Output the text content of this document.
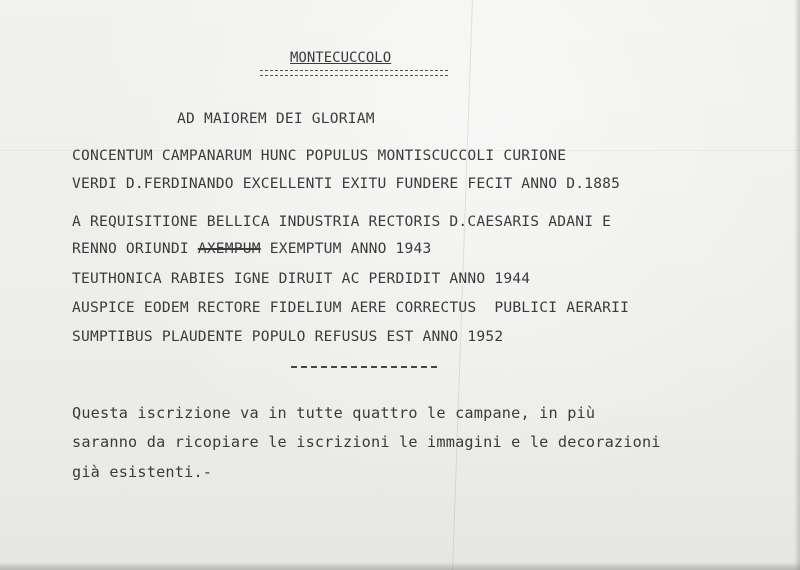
MONTECUCCOLO
AD MAIOREM DEI GLORIAM
CONCENTUM CAMPANARUM HUNC POPULUS MONTISCUCCOLI CURIONE
VERDI D.FERDINANDO EXCELLENTI EXITU FUNDERE FECIT ANNO D.1885
A REQUISITIONE BELLICA INDUSTRIA RECTORIS D.CAESARIS ADANI E
RENNO ORIUNDI AXEMPUM EXEMPTUM ANNO 1943
TEUTHONICA RABIES IGNE DIRUIT AC PERDIDIT ANNO 1944
AUSPICE EODEM RECTORE FIDELIUM AERE CORRECTUS  PUBLICI AERARII
SUMPTIBUS PLAUDENTE POPULO REFUSUS EST ANNO 1952
Questa iscrizione va in tutte quattro le campane, in più
saranno da ricopiare le iscrizioni le immagini e le decorazioni
già esistenti.-
